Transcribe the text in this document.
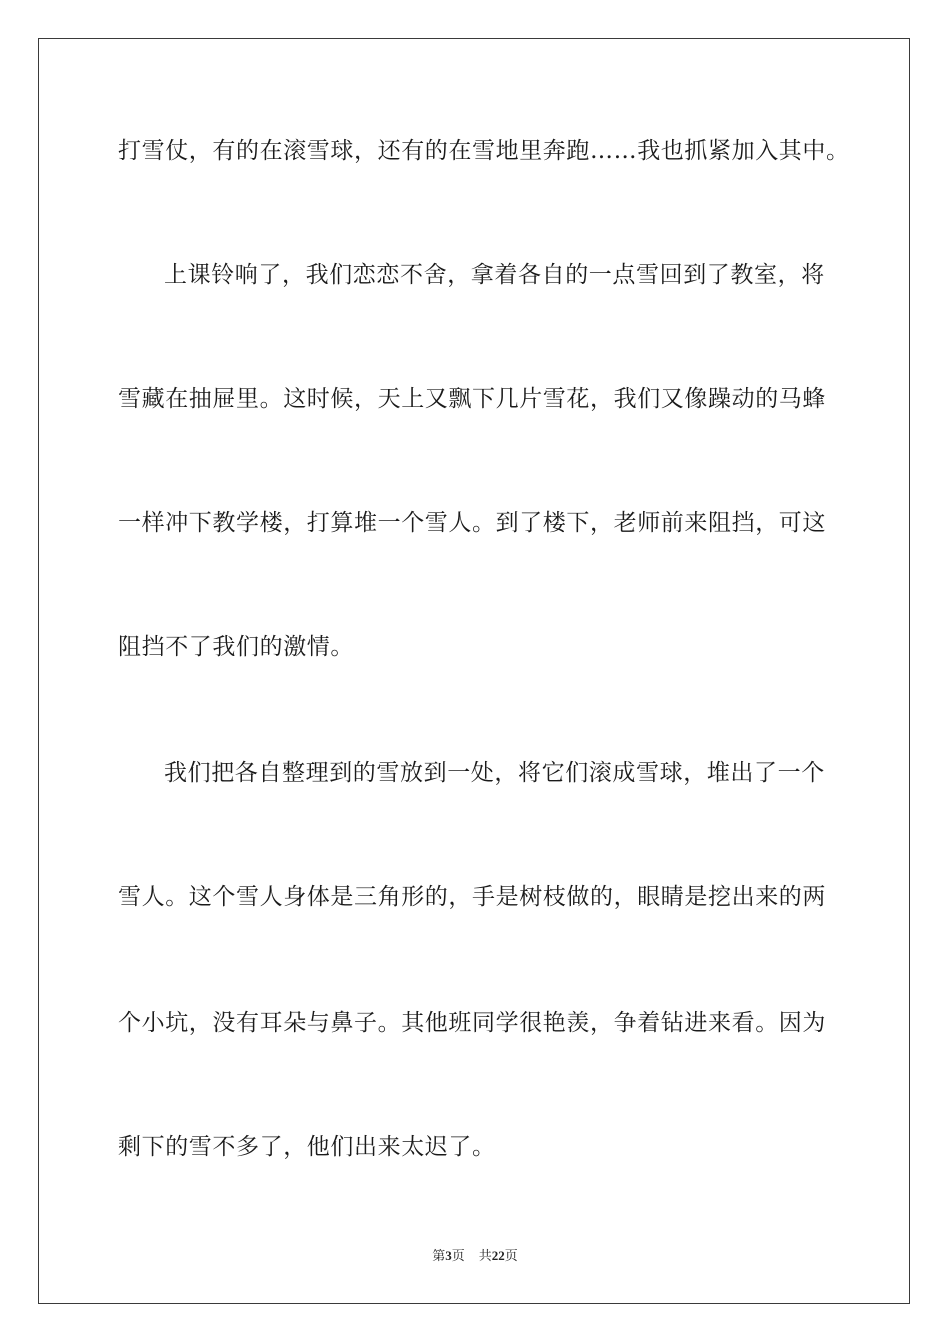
打雪仗，有的在滚雪球，还有的在雪地里奔跑……我也抓紧加入其中。
上课铃响了，我们恋恋不舍，拿着各自的一点雪回到了教室，将
雪藏在抽屉里。这时候，天上又飘下几片雪花，我们又像躁动的马蜂
一样冲下教学楼，打算堆一个雪人。到了楼下，老师前来阻挡，可这
阻挡不了我们的激情。
我们把各自整理到的雪放到一处，将它们滚成雪球，堆出了一个
雪人。这个雪人身体是三角形的，手是树枝做的，眼睛是挖出来的两
个小坑，没有耳朵与鼻子。其他班同学很艳羡，争着钻进来看。因为
剩下的雪不多了，他们出来太迟了。
第3页 共22页
